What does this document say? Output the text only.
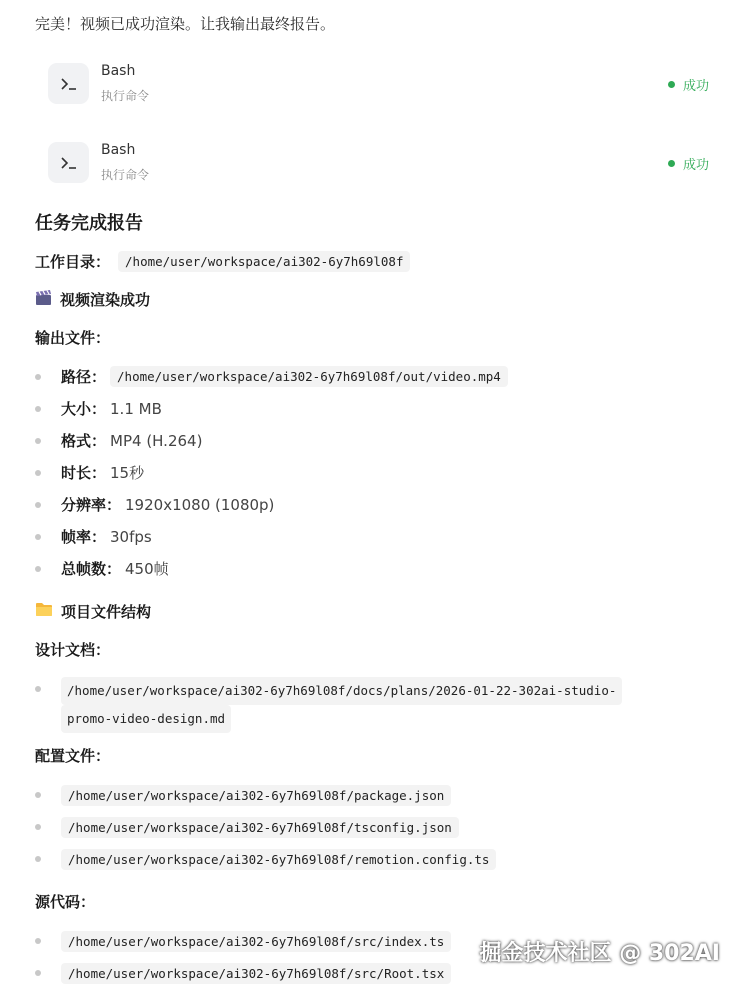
完美！视频已成功渲染。让我输出最终报告。
Bash
执行命令
成功
Bash
执行命令
成功
任务完成报告
工作目录：	/home/user/workspace/ai302-6y7h69l08f
视频渲染成功
输出文件：
路径： /home/user/workspace/ai302-6y7h69l08f/out/video.mp4
大小： 1.1 MB
格式： MP4 (H.264)
时长： 15秒
分辨率： 1920x1080 (1080p)
帧率： 30fps
总帧数： 450帧
项目文件结构
设计文档：
/home/user/workspace/ai302-6y7h69l08f/docs/plans/2026-01-22-302ai-studio-
promo-video-design.md
配置文件：
/home/user/workspace/ai302-6y7h69l08f/package.json
/home/user/workspace/ai302-6y7h69l08f/tsconfig.json
/home/user/workspace/ai302-6y7h69l08f/remotion.config.ts
源代码：
/home/user/workspace/ai302-6y7h69l08f/src/index.ts
/home/user/workspace/ai302-6y7h69l08f/src/Root.tsx
掘金技术社区 @ 302AI
